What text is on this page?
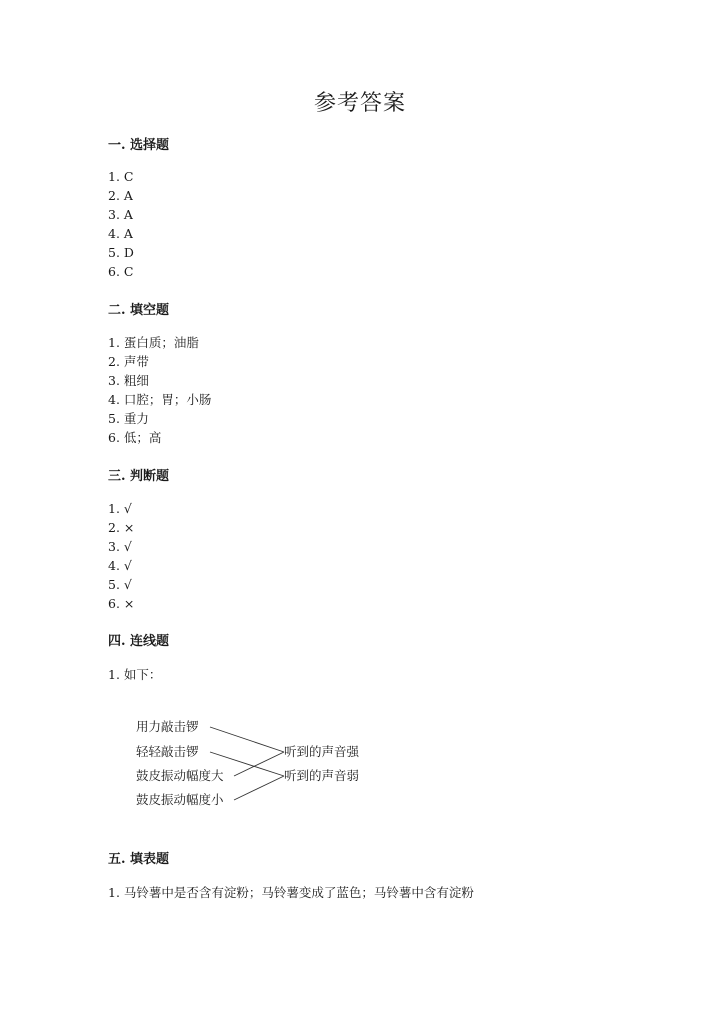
参考答案
一. 选择题
1. C
2. A
3. A
4. A
5. D
6. C
二. 填空题
1. 蛋白质；油脂
2. 声带
3. 粗细
4. 口腔；胃；小肠
5. 重力
6. 低；高
三. 判断题
1. √
2. ×
3. √
4. √
5. √
6. ×
四. 连线题
1. 如下：
用力敲击锣
轻轻敲击锣
鼓皮振动幅度大
鼓皮振动幅度小
听到的声音强
听到的声音弱
五. 填表题
1. 马铃薯中是否含有淀粉；马铃薯变成了蓝色；马铃薯中含有淀粉
